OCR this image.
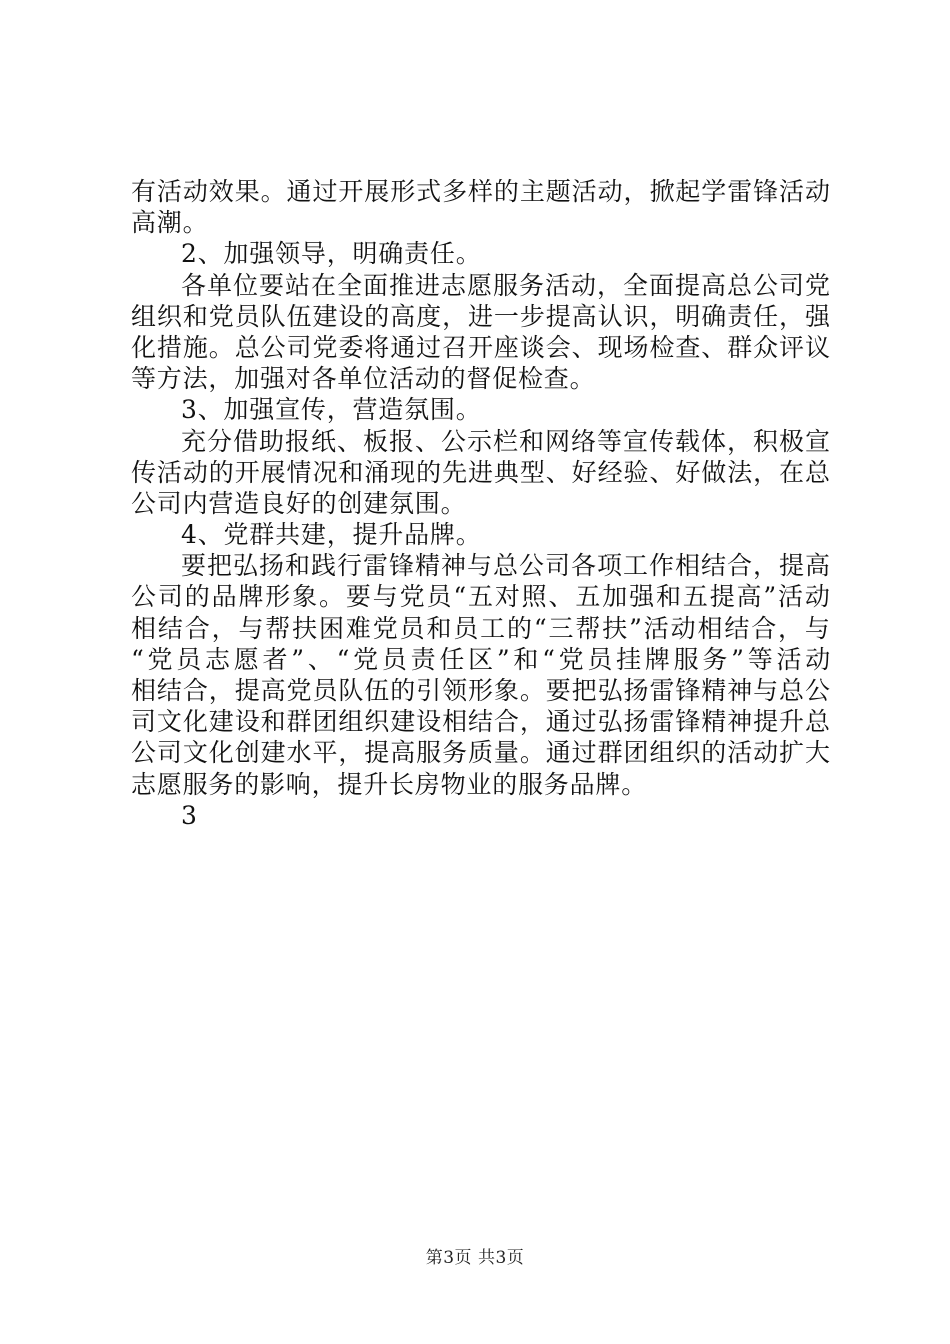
有 活 动 效 果 。 通 过 开 展 形 式 多 样 的 主 题 活 动 ， 掀 起 学 雷 锋 活 动
高潮。
2、加强领导，明确责任。
各 单 位 要 站 在 全 面 推 进 志 愿 服 务 活 动 ， 全 面 提 高 总 公 司 党
组 织 和 党 员 队 伍 建 设 的 高 度 ， 进 一 步 提 高 认 识 ， 明 确 责 任 ， 强
化 措 施 。 总 公 司 党 委 将 通 过 召 开 座 谈 会 、 现 场 检 查 、 群 众 评 议
等方法，加强对各单位活动的督促检查。
3、加强宣传，营造氛围。
充 分 借 助 报 纸 、 板 报 、 公 示 栏 和 网 络 等 宣 传 载 体 ， 积 极 宣
传 活 动 的 开 展 情 况 和 涌 现 的 先 进 典 型 、 好 经 验 、 好 做 法 ， 在 总
公司内营造良好的创建氛围。
4、党群共建，提升品牌。
要 把 弘 扬 和 践 行 雷 锋 精 神 与 总 公 司 各 项 工 作 相 结 合 ， 提 高
公 司 的 品 牌 形 象 。 要 与 党 员 “ 五 对 照 、 五 加 强 和 五 提 高 ” 活 动
相 结 合 ， 与 帮 扶 困 难 党 员 和 员 工 的 “ 三 帮 扶 ” 活 动 相 结 合 ， 与
“ 党 员 志 愿 者 ” 、 “ 党 员 责 任 区 ” 和 “ 党 员 挂 牌 服 务 ” 等 活 动
相 结 合 ， 提 高 党 员 队 伍 的 引 领 形 象 。 要 把 弘 扬 雷 锋 精 神 与 总 公
司 文 化 建 设 和 群 团 组 织 建 设 相 结 合 ， 通 过 弘 扬 雷 锋 精 神 提 升 总
公 司 文 化 创 建 水 平 ， 提 高 服 务 质 量 。 通 过 群 团 组 织 的 活 动 扩 大
志愿服务的影响，提升长房物业的服务品牌。
3
第3页 共3页
